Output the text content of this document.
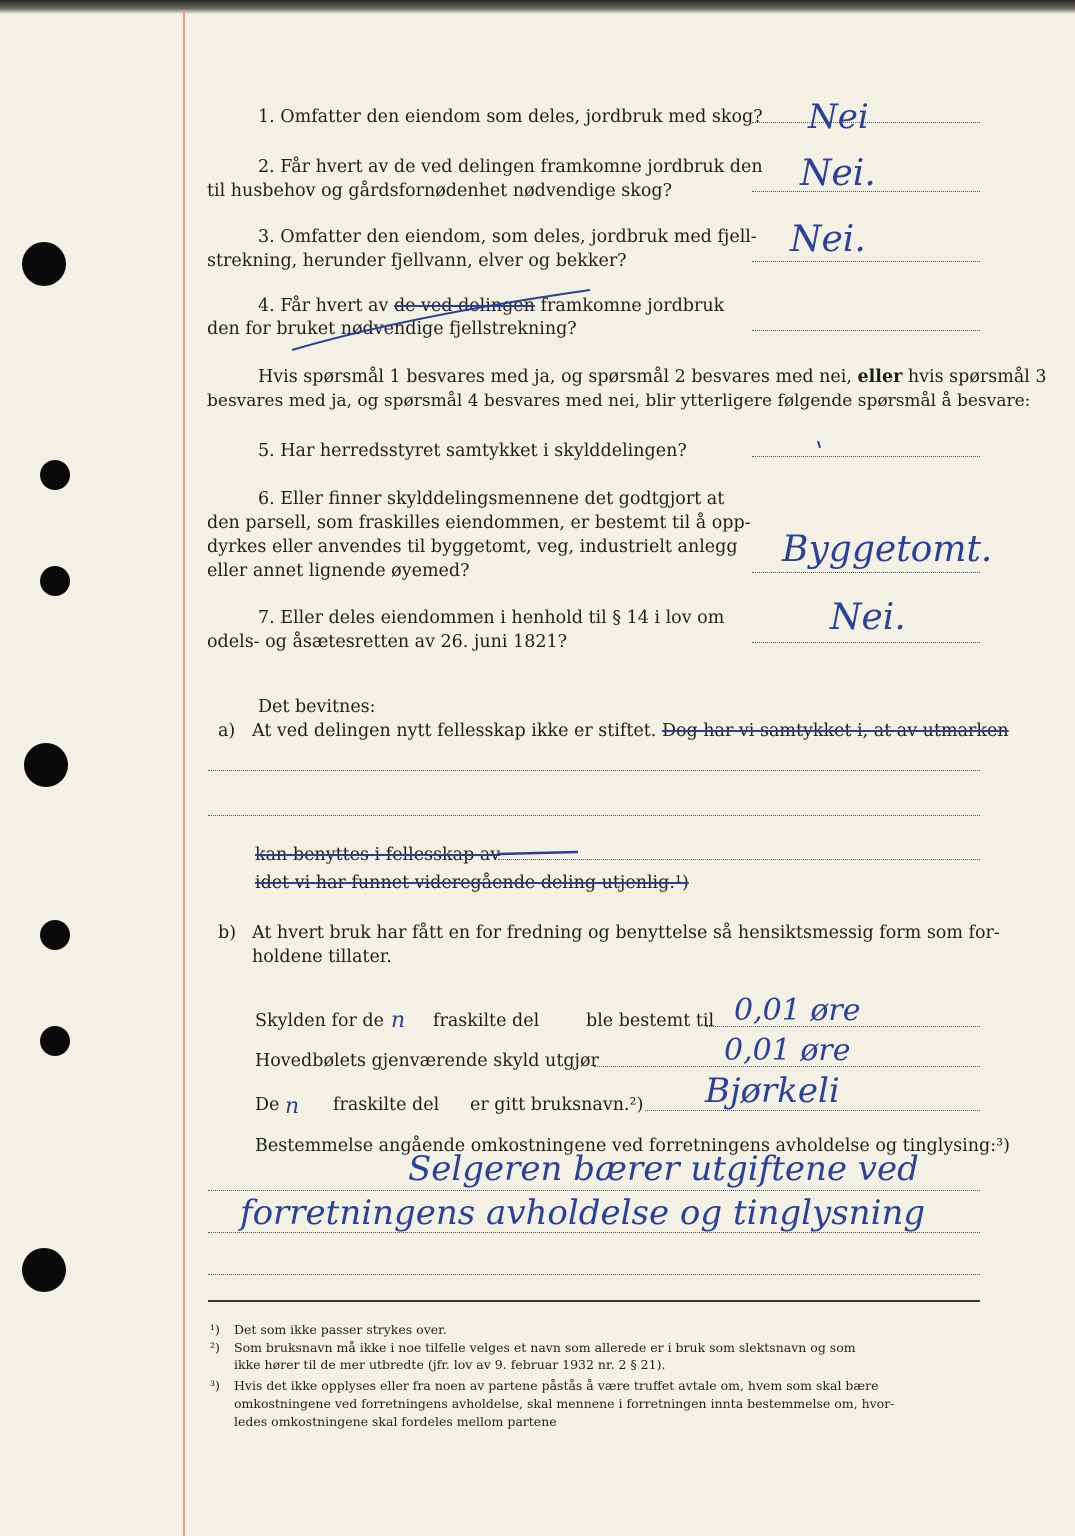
1. Omfatter den eiendom som deles, jordbruk med skog? Nei
2. Får hvert av de ved delingen framkomne jordbruk den
til husbehov og gårdsfornødenhet nødvendige skog?	Nei.
3. Omfatter den eiendom, som deles, jordbruk med fjell-
strekning, herunder fjellvann, elver og bekker?
Nei.
4. Får hvert av de ved delingen framkomne jordbruk
den for bruket nødvendige fjellstrekning?
Hvis spørsmål 1 besvares med ja, og spørsmål 2 besvares med nei, eller hvis spørsmål 3
besvares med ja, og spørsmål 4 besvares med nei, blir ytterligere følgende spørsmål å besvare:
5. Har herredsstyret samtykket i skylddelingen?
6. Eller finner skylddelingsmennene det godtgjort at
den parsell, som fraskilles eiendommen, er bestemt til å opp-
dyrkes eller anvendes til byggetomt, veg, industrielt anlegg
eller annet lignende øyemed?
Byggetomt.
7. Eller deles eiendommen i henhold til § 14 i lov om
odels- og åsætesretten av 26. juni 1821?
Nei.
Det bevitnes:
a) At ved delingen nytt fellesskap ikke er stiftet. Dog har vi samtykket i, at av utmarken
kan benyttes i fellesskap av
idet vi har funnet videregående deling utjenlig.¹)
b) At hvert bruk har fått en for fredning og benyttelse så hensiktsmessig form som for-
holdene tillater.
Skylden for de n fraskilte del	ble bestemt til 0,01 øre
Hovedbølets gjenværende skyld utgjør	0,01 øre
De n fraskilte del er gitt bruksnavn.²) Bjørkeli
Bestemmelse angående omkostningene ved forretningens avholdelse og tinglysing:³)
Selgeren bærer utgiftene ved
forretningens avholdelse og tinglysning
¹) Det som ikke passer strykes over.
²) Som bruksnavn må ikke i noe tilfelle velges et navn som allerede er i bruk som slektsnavn og som
ikke hører til de mer utbredte (jfr. lov av 9. februar 1932 nr. 2 § 21).
³) Hvis det ikke opplyses eller fra noen av partene påstås å være truffet avtale om, hvem som skal bære
omkostningene ved forretningens avholdelse, skal mennene i forretningen innta bestemmelse om, hvor-
ledes omkostningene skal fordeles mellom partene
